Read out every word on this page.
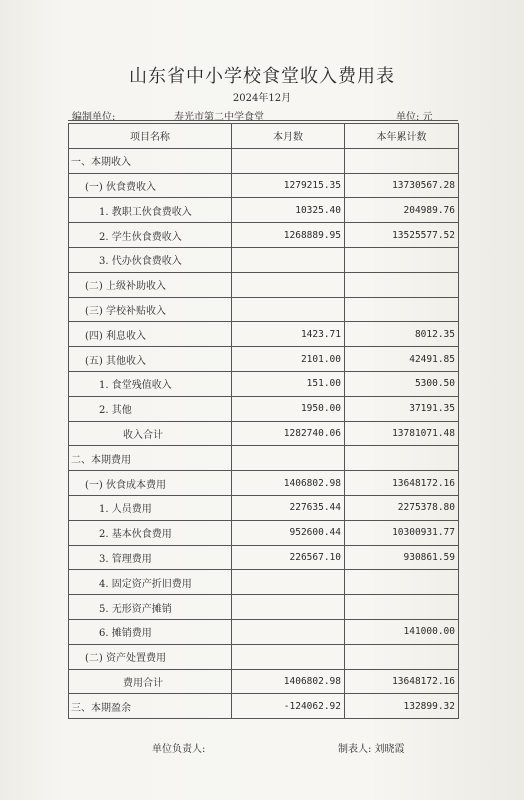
山东省中小学校食堂收入费用表
2024年12月
编制单位:	寿光市第二中学食堂	单位: 元
项目名称	本月数	本年累计数
一、本期收入		
(一) 伙食费收入	1279215.35	13730567.28
1. 教职工伙食费收入	10325.40	204989.76
2. 学生伙食费收入	1268889.95	13525577.52
3. 代办伙食费收入		
(二) 上级补助收入		
(三) 学校补贴收入		
(四) 利息收入	1423.71	8012.35
(五) 其他收入	2101.00	42491.85
1. 食堂残值收入	151.00	5300.50
2. 其他	1950.00	37191.35
收入合计	1282740.06	13781071.48
二、本期费用		
(一) 伙食成本费用	1406802.98	13648172.16
1. 人员费用	227635.44	2275378.80
2. 基本伙食费用	952600.44	10300931.77
3. 管理费用	226567.10	930861.59
4. 固定资产折旧费用		
5. 无形资产摊销		
6. 摊销费用		141000.00
(二) 资产处置费用		
费用合计	1406802.98	13648172.16
三、本期盈余	-124062.92	132899.32
单位负责人:	制表人: 刘晓霞
